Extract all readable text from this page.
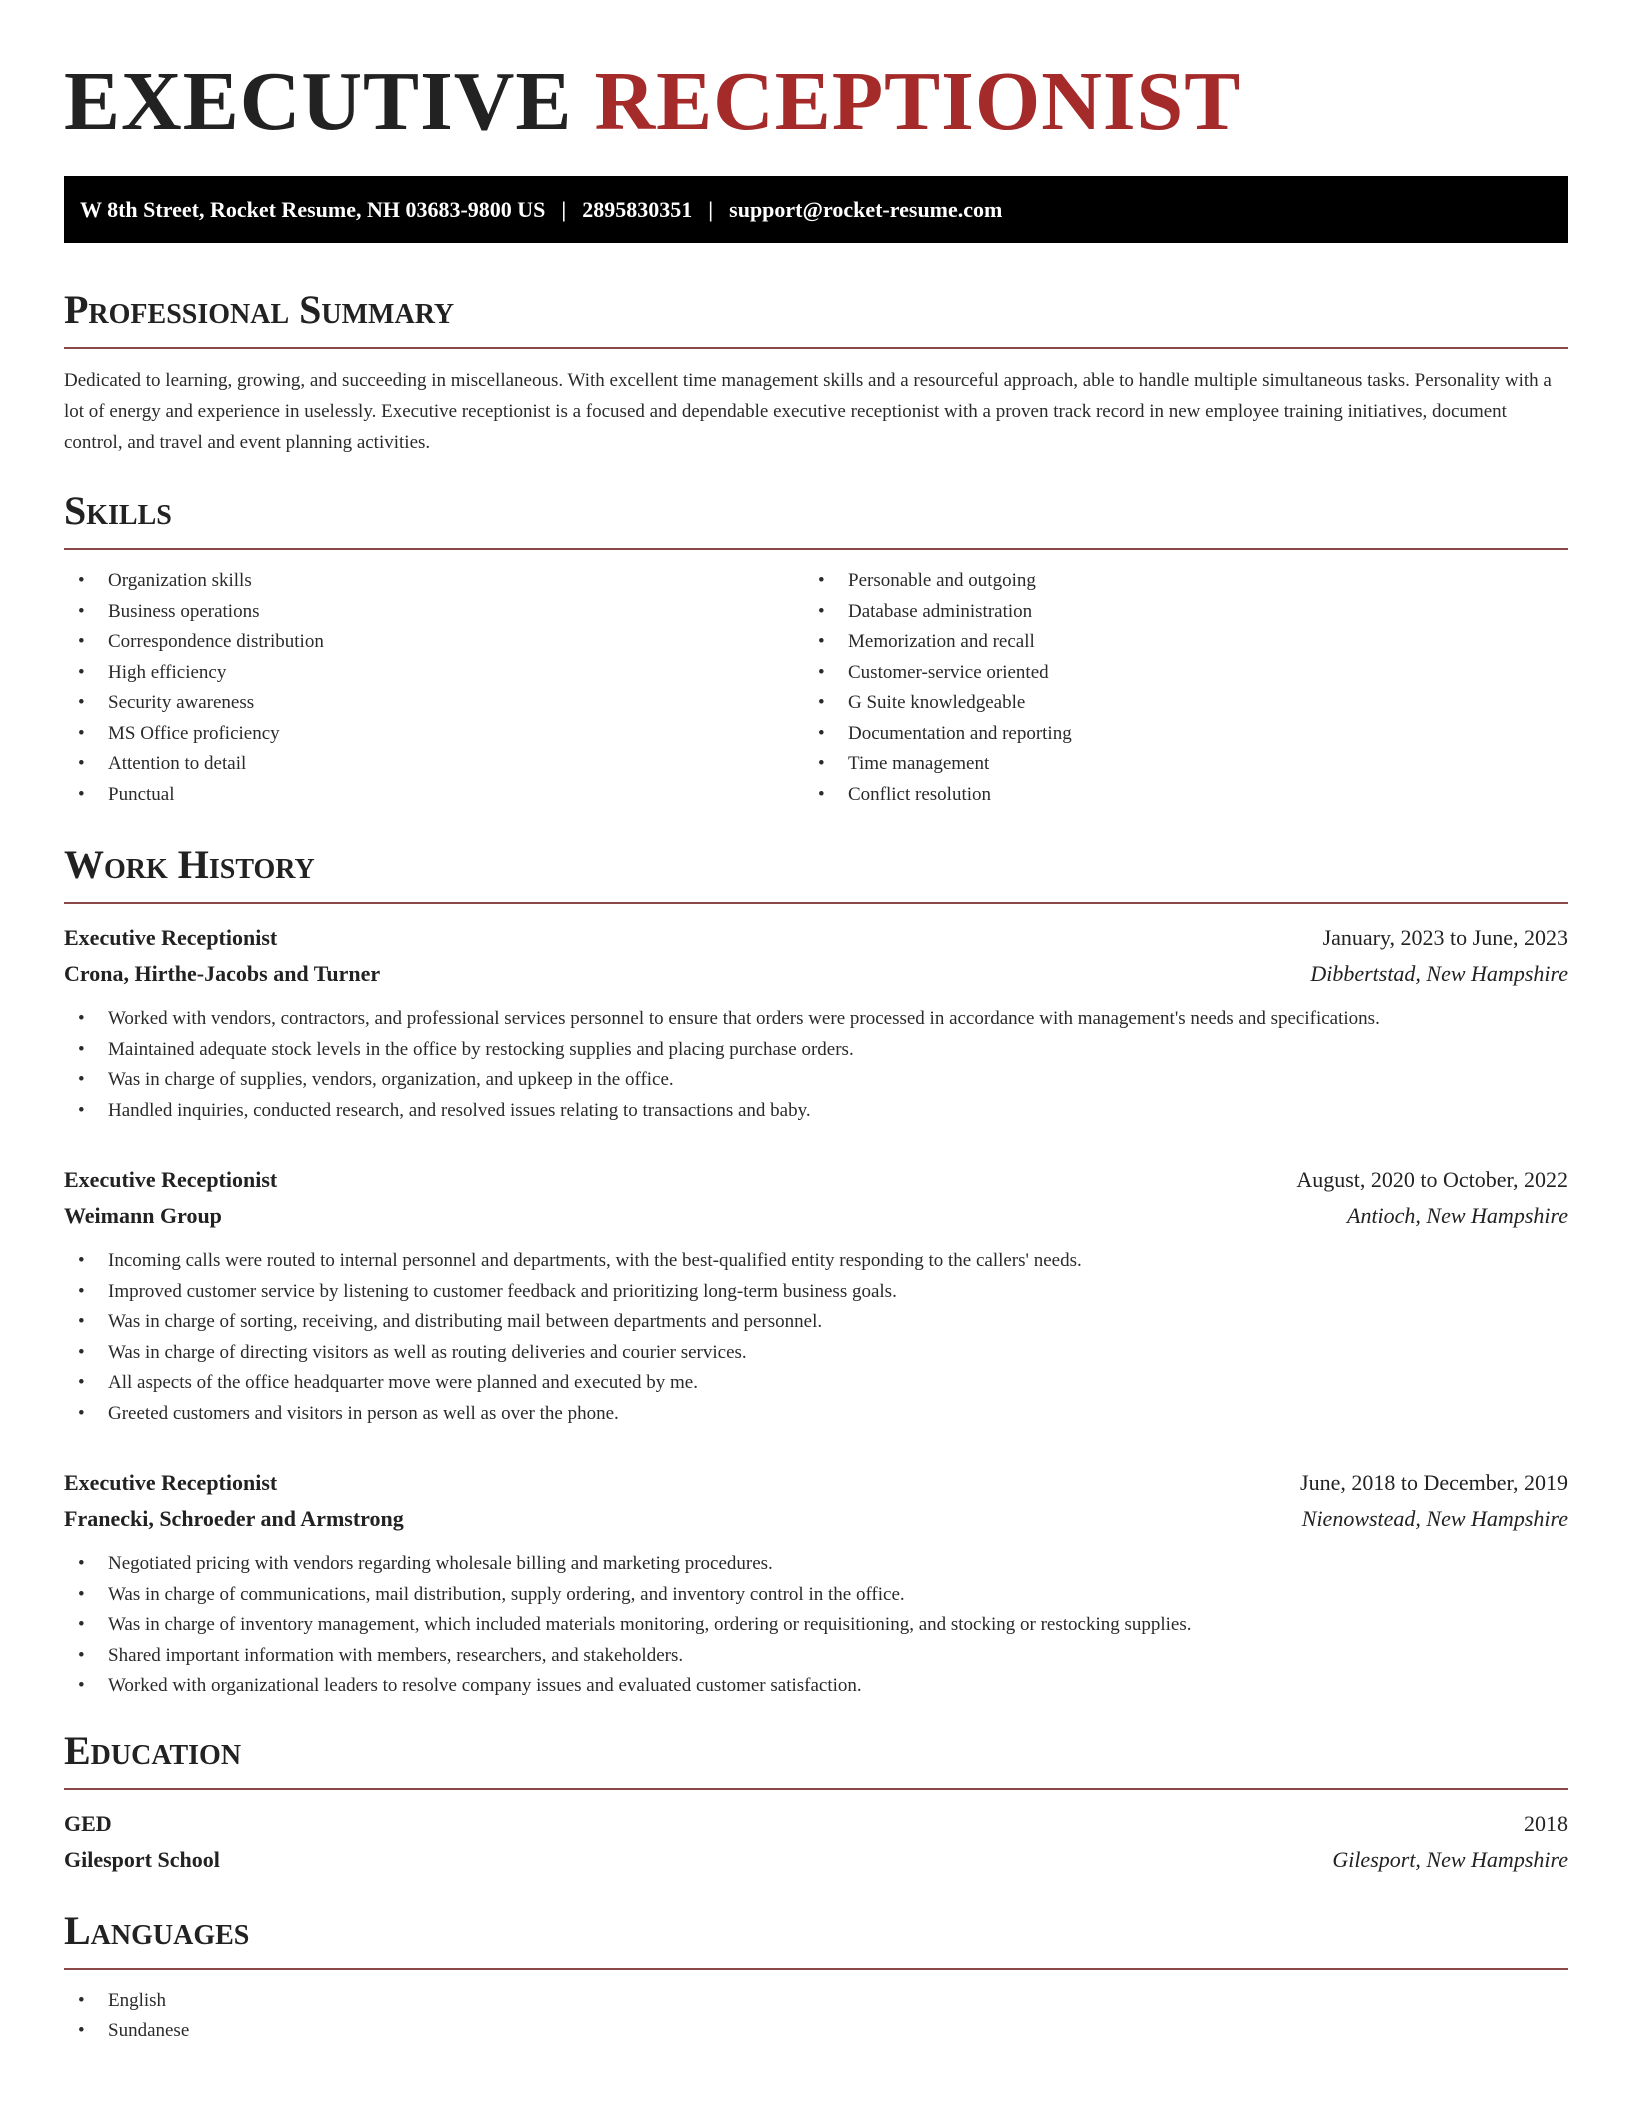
EXECUTIVE RECEPTIONIST
W 8th Street, Rocket Resume, NH 03683-9800 US | 2895830351 | support@rocket-resume.com
Professional Summary

Dedicated to learning, growing, and succeeding in miscellaneous. With excellent time management skills and a resourceful approach, able to handle multiple simultaneous tasks. Personality with a lot of energy and experience in uselessly. Executive receptionist is a focused and dependable executive receptionist with a proven track record in new employee training initiatives, document control, and travel and event planning activities.

Skills
• Organization skills
• Business operations
• Correspondence distribution
• High efficiency
• Security awareness
• MS Office proficiency
• Attention to detail
• Punctual
• Personable and outgoing
• Database administration
• Memorization and recall
• Customer-service oriented
• G Suite knowledgeable
• Documentation and reporting
• Time management
• Conflict resolution
Work History
Executive Receptionist	January, 2023 to June, 2023
Crona, Hirthe-Jacobs and Turner	Dibbertstad, New Hampshire
• Worked with vendors, contractors, and professional services personnel to ensure that orders were processed in accordance with management's needs and specifications.
• Maintained adequate stock levels in the office by restocking supplies and placing purchase orders.
• Was in charge of supplies, vendors, organization, and upkeep in the office.
• Handled inquiries, conducted research, and resolved issues relating to transactions and baby.
Executive Receptionist	August, 2020 to October, 2022
Weimann Group	Antioch, New Hampshire
• Incoming calls were routed to internal personnel and departments, with the best-qualified entity responding to the callers' needs.
• Improved customer service by listening to customer feedback and prioritizing long-term business goals.
• Was in charge of sorting, receiving, and distributing mail between departments and personnel.
• Was in charge of directing visitors as well as routing deliveries and courier services.
• All aspects of the office headquarter move were planned and executed by me.
• Greeted customers and visitors in person as well as over the phone.
Executive Receptionist	June, 2018 to December, 2019
Franecki, Schroeder and Armstrong	Nienowstead, New Hampshire
• Negotiated pricing with vendors regarding wholesale billing and marketing procedures.
• Was in charge of communications, mail distribution, supply ordering, and inventory control in the office.
• Was in charge of inventory management, which included materials monitoring, ordering or requisitioning, and stocking or restocking supplies.
• Shared important information with members, researchers, and stakeholders.
• Worked with organizational leaders to resolve company issues and evaluated customer satisfaction.
Education
GED	2018
Gilesport School	Gilesport, New Hampshire
Languages
• English
• Sundanese
